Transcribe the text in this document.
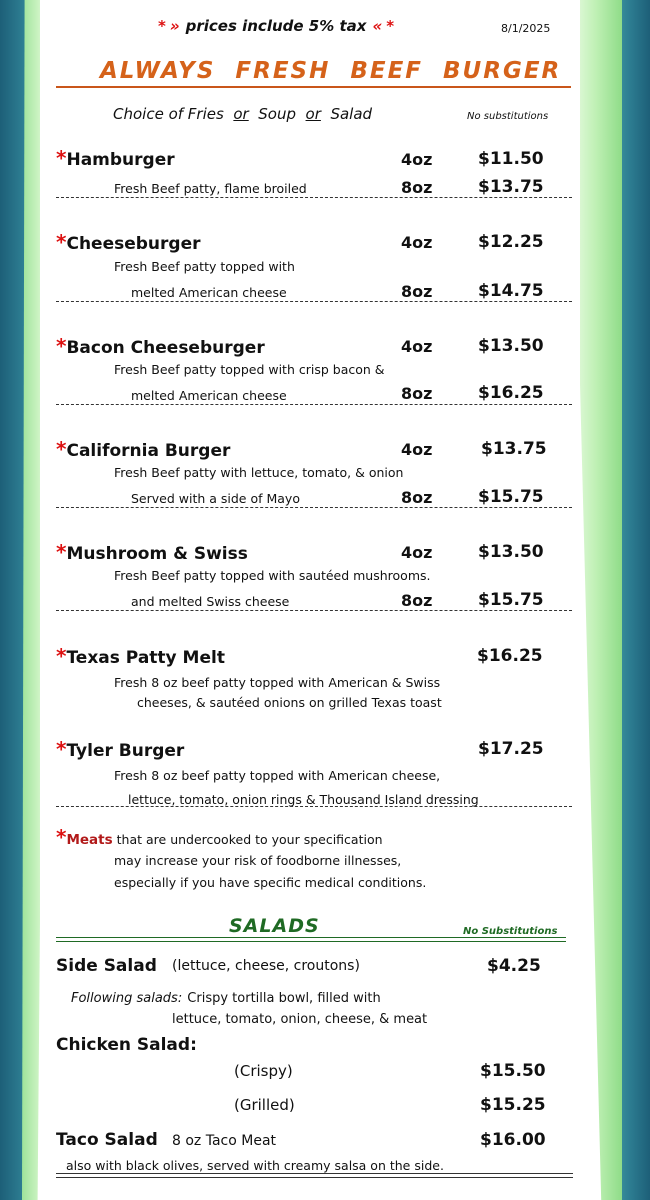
* » prices include 5% tax « *	8/1/2025
ALWAYS FRESH BEEF BURGER
Choice of Fries or Soup or Salad	No substitutions
*Hamburger	4oz	$11.50
Fresh Beef patty, flame broiled	8oz	$13.75
*Cheeseburger	4oz	$12.25
Fresh Beef patty topped with
melted American cheese	8oz	$14.75
*Bacon Cheeseburger	4oz	$13.50
Fresh Beef patty topped with crisp bacon &
melted American cheese	8oz	$16.25
*California Burger	4oz	$13.75
Fresh Beef patty with lettuce, tomato, & onion
Served with a side of Mayo	8oz	$15.75
*Mushroom & Swiss	4oz	$13.50
Fresh Beef patty topped with sautéed mushrooms.
and melted Swiss cheese	8oz	$15.75
*Texas Patty Melt	$16.25
Fresh 8 oz beef patty topped with American & Swiss
cheeses, & sautéed onions on grilled Texas toast
*Tyler Burger	$17.25
Fresh 8 oz beef patty topped with American cheese,
lettuce, tomato, onion rings & Thousand Island dressing
*Meats that are undercooked to your specification
may increase your risk of foodborne illnesses,
especially if you have specific medical conditions.
SALADS	No Substitutions
Side Salad (lettuce, cheese, croutons)	$4.25
Following salads: Crispy tortilla bowl, filled with
lettuce, tomato, onion, cheese, & meat
Chicken Salad:
(Crispy)	$15.50
(Grilled)	$15.25
Taco Salad 8 oz Taco Meat	$16.00
also with black olives, served with creamy salsa on the side.
